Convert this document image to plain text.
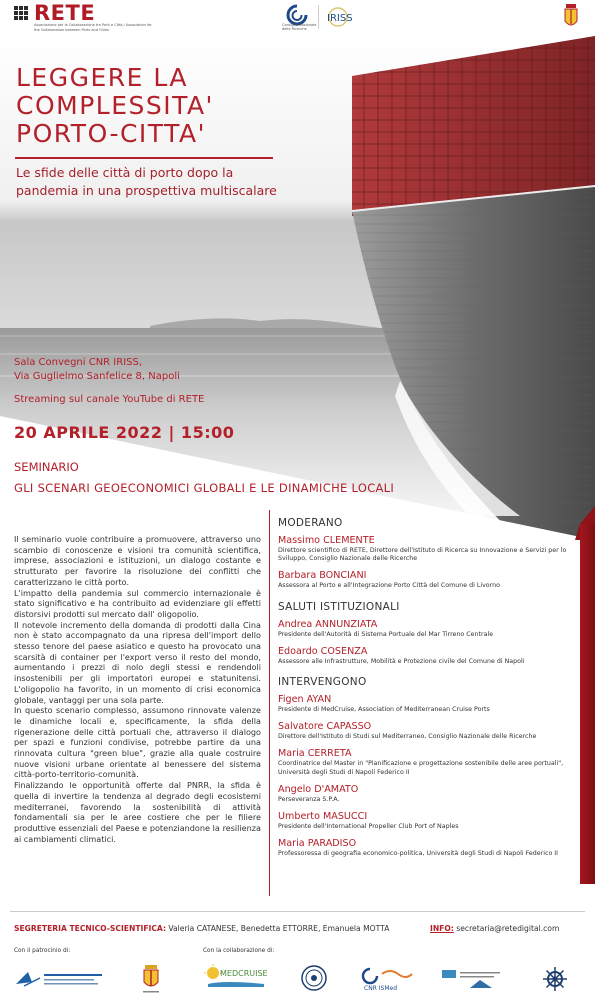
RETE
Associazione per la Collaborazione tra Porti e Città / Association for the Collaboration between Ports and Cities
Consiglio Nazionale delle Ricerche
IRISS
LEGGERE LA
COMPLESSITA'
PORTO-CITTA'
Le sfide delle città di porto dopo la
pandemia in una prospettiva multiscalare
Sala Convegni CNR IRISS,
Via Guglielmo Sanfelice 8, Napoli
Streaming sul canale YouTube di RETE
20 APRILE 2022 | 15:00
SEMINARIO
GLI SCENARI GEOECONOMICI GLOBALI E LE DINAMICHE LOCALI

Il seminario vuole contribuire a promuovere, attraverso uno scambio di conoscenze e visioni tra comunità scientifica, imprese, associazioni e istituzioni, un dialogo costante e strutturato per favorire la risoluzione dei conflitti che caratterizzano le città porto.

L'impatto della pandemia sul commercio internazionale è stato significativo e ha contribuito ad evidenziare gli effetti distorsivi prodotti sul mercato dall' oligopolio.

Il notevole incremento della domanda di prodotti dalla Cina non è stato accompagnato da una ripresa dell'import dello stesso tenore del paese asiatico e questo ha provocato una scarsità di container per l'export verso il resto del mondo, aumentando i prezzi di nolo degli stessi e rendendoli insostenibili per gli importatori europei e statunitensi. L'oligopolio ha favorito, in un momento di crisi economica globale, vantaggi per una sola parte.

In questo scenario complesso, assumono rinnovate valenze le dinamiche locali e, specificamente, la sfida della rigenerazione delle città portuali che, attraverso il dialogo per spazi e funzioni condivise, potrebbe partire da una rinnovata cultura "green blue", grazie alla quale costruire nuove visioni urbane orientate al benessere del sistema città-porto-territorio-comunità.

Finalizzando le opportunità offerte dal PNRR, la sfida è quella di invertire la tendenza al degrado degli ecosistemi mediterranei, favorendo la sostenibilità di attività fondamentali sia per le aree costiere che per le filiere produttive essenziali del Paese e potenziandone la resilienza ai cambiamenti climatici.

MODERANO
Massimo CLEMENTE
Direttore scientifico di RETE, Direttore dell'Istituto di Ricerca su Innovazione e Servizi per lo Sviluppo, Consiglio Nazionale delle Ricerche
Barbara BONCIANI
Assessora al Porto e all'Integrazione Porto Città del Comune di Livorno
SALUTI ISTITUZIONALI
Andrea ANNUNZIATA
Presidente dell'Autorità di Sistema Portuale del Mar Tirreno Centrale
Edoardo COSENZA
Assessore alle Infrastrutture, Mobilità e Protezione civile del Comune di Napoli
INTERVENGONO
Figen AYAN
Presidente di MedCruise, Association of Mediterranean Cruise Ports
Salvatore CAPASSO
Direttore dell'Istituto di Studi sul Mediterraneo, Consiglio Nazionale delle Ricerche
Maria CERRETA
Coordinatrice del Master in "Pianificazione e progettazione sostenibile delle aree portuali", Università degli Studi di Napoli Federico II
Angelo D'AMATO
Perseveranza S.P.A.
Umberto MASUCCI
Presidente dell'International Propeller Club Port of Naples
Maria PARADISO
Professoressa di geografia economico-politica, Università degli Studi di Napoli Federico II
SEGRETERIA TECNICO-SCIENTIFICA: Valeria CATANESE, Benedetta ETTORRE, Emanuela MOTTA	INFO: secretaria@retedigital.com
Con il patrocinio di:	Con la collaborazione di:
MEDCRUISE
CNR ISMed
